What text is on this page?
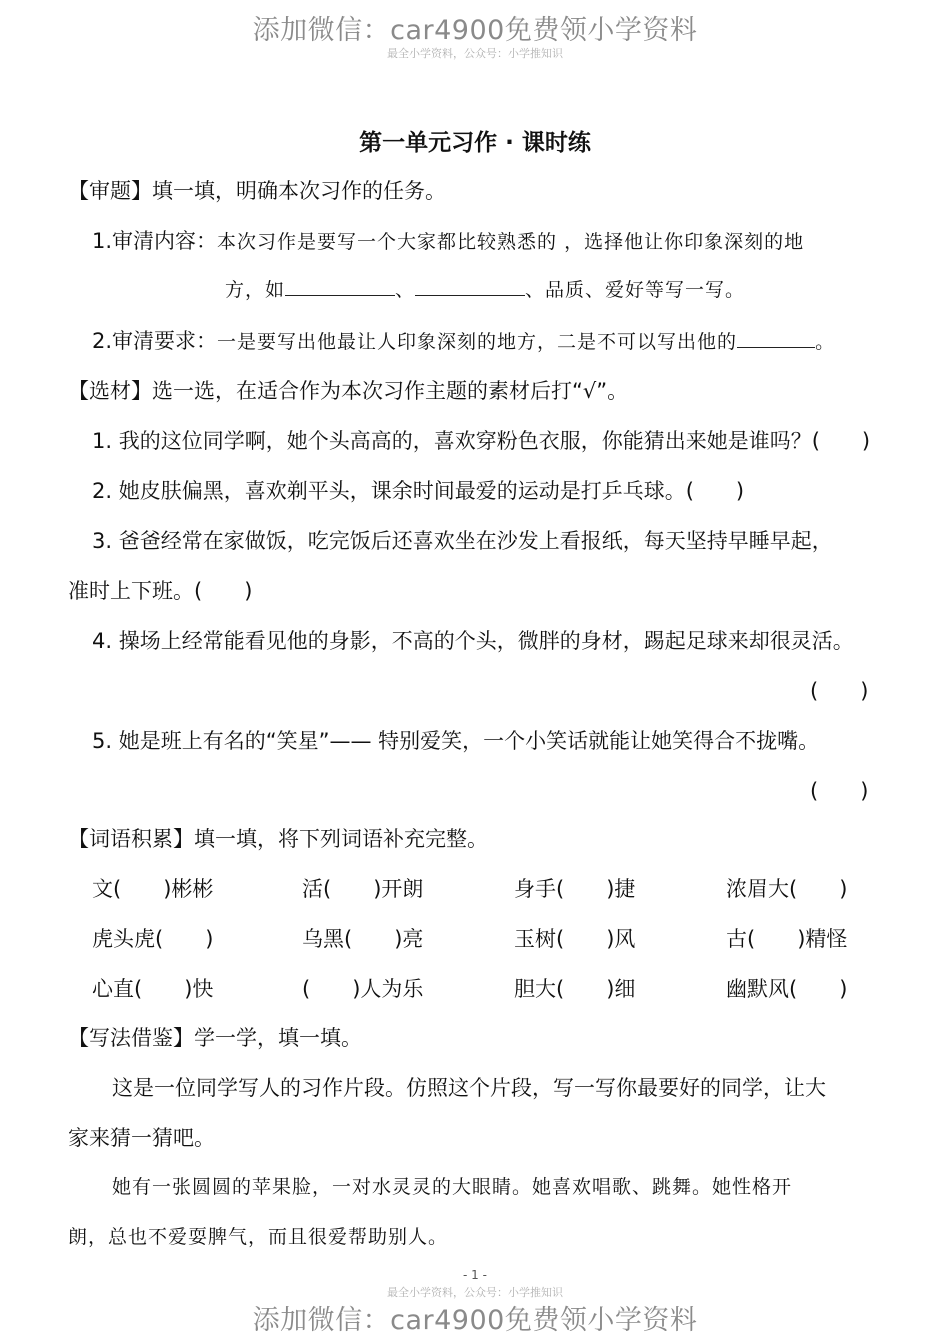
添加微信：car4900免费领小学资料
最全小学资料，公众号：小学推知识
第一单元习作 · 课时练
【审题】填一填，明确本次习作的任务。
1.审清内容：本次习作是要写一个大家都比较熟悉的 ，选择他让你印象深刻的地
方，如	、	、品质、爱好等写一写。
2.审清要求：一是要写出他最让人印象深刻的地方，二是不可以写出他的	。
【选材】选一选，在适合作为本次习作主题的素材后打“√”。
1. 我的这位同学啊，她个头高高的，喜欢穿粉色衣服，你能猜出来她是谁吗？(　　)
2. 她皮肤偏黑，喜欢剃平头，课余时间最爱的运动是打乒乓球。(　　)
3. 爸爸经常在家做饭，吃完饭后还喜欢坐在沙发上看报纸，每天坚持早睡早起，
准时上下班。(　　)
4. 操场上经常能看见他的身影，不高的个头，微胖的身材，踢起足球来却很灵活。
(　　)
5. 她是班上有名的“笑星”—— 特别爱笑，一个小笑话就能让她笑得合不拢嘴。
(　　)
【词语积累】填一填，将下列词语补充完整。
文(　　)彬彬	活(　　)开朗	身手(　　)捷	浓眉大(　　)
虎头虎(　　)	乌黑(　　)亮	玉树(　　)风	古(　　)精怪
心直(　　)快	(　　)人为乐	胆大(　　)细	幽默风(　　)
【写法借鉴】学一学，填一填。
这是一位同学写人的习作片段。仿照这个片段，写一写你最要好的同学，让大
家来猜一猜吧。
她有一张圆圆的苹果脸，一对水灵灵的大眼睛。她喜欢唱歌、跳舞。她性格开
朗，总也不爱耍脾气，而且很爱帮助别人。
- 1 -
最全小学资料，公众号：小学推知识
添加微信：car4900免费领小学资料
